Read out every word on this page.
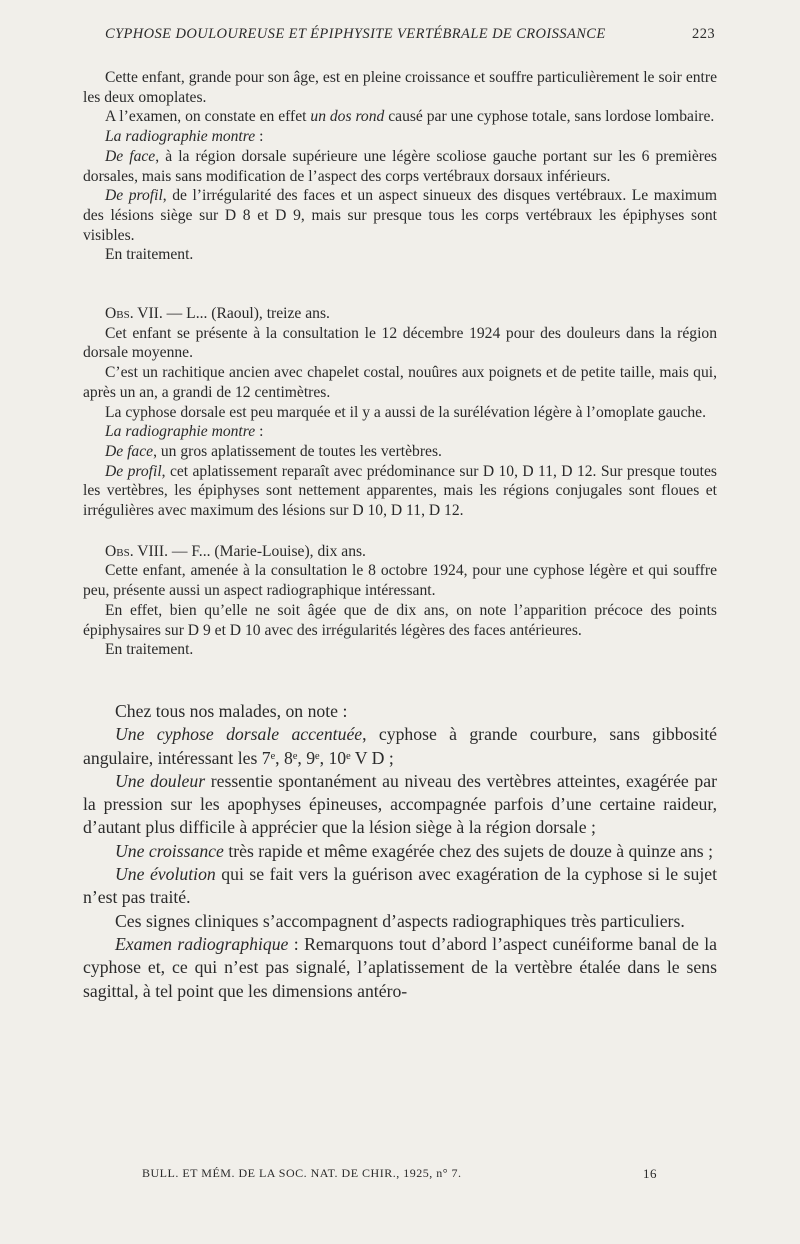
CYPHOSE DOULOUREUSE ET ÉPIPHYSITE VERTÉBRALE DE CROISSANCE	223

Cette enfant, grande pour son âge, est en pleine croissance et souffre particulièrement le soir entre les deux omoplates.

A l’examen, on constate en effet un dos rond causé par une cyphose totale, sans lordose lombaire.

La radiographie montre :

De face, à la région dorsale supérieure une légère scoliose gauche portant sur les 6 premières dorsales, mais sans modification de l’aspect des corps vertébraux dorsaux inférieurs.

De profil, de l’irrégularité des faces et un aspect sinueux des disques vertébraux. Le maximum des lésions siège sur D 8 et D 9, mais sur presque tous les corps vertébraux les épiphyses sont visibles.

En traitement.

Obs. VII. — L... (Raoul), treize ans.

Cet enfant se présente à la consultation le 12 décembre 1924 pour des douleurs dans la région dorsale moyenne.

C’est un rachitique ancien avec chapelet costal, nouûres aux poignets et de petite taille, mais qui, après un an, a grandi de 12 centimètres.

La cyphose dorsale est peu marquée et il y a aussi de la surélévation légère à l’omoplate gauche.

La radiographie montre :

De face, un gros aplatissement de toutes les vertèbres.

De profil, cet aplatissement reparaît avec prédominance sur D 10, D 11, D 12. Sur presque toutes les vertèbres, les épiphyses sont nettement apparentes, mais les régions conjugales sont floues et irrégulières avec maximum des lésions sur D 10, D 11, D 12.

Obs. VIII. — F... (Marie-Louise), dix ans.

Cette enfant, amenée à la consultation le 8 octobre 1924, pour une cyphose légère et qui souffre peu, présente aussi un aspect radiographique intéressant.

En effet, bien qu’elle ne soit âgée que de dix ans, on note l’apparition précoce des points épiphysaires sur D 9 et D 10 avec des irrégularités légères des faces antérieures.

En traitement.

Chez tous nos malades, on note :

Une cyphose dorsale accentuée, cyphose à grande courbure, sans gibbosité angulaire, intéressant les 7ᵉ, 8ᵉ, 9ᵉ, 10ᵉ V D ;

Une douleur ressentie spontanément au niveau des vertèbres atteintes, exagérée par la pression sur les apophyses épineuses, accompagnée parfois d’une certaine raideur, d’autant plus difficile à apprécier que la lésion siège à la région dorsale ;

Une croissance très rapide et même exagérée chez des sujets de douze à quinze ans ;

Une évolution qui se fait vers la guérison avec exagération de la cyphose si le sujet n’est pas traité.

Ces signes cliniques s’accompagnent d’aspects radiographiques très particuliers.

Examen radiographique : Remarquons tout d’abord l’aspect cunéiforme banal de la cyphose et, ce qui n’est pas signalé, l’aplatissement de la vertèbre étalée dans le sens sagittal, à tel point que les dimensions antéro-

BULL. ET MÉM. DE LA SOC. NAT. DE CHIR., 1925, n° 7.	16
